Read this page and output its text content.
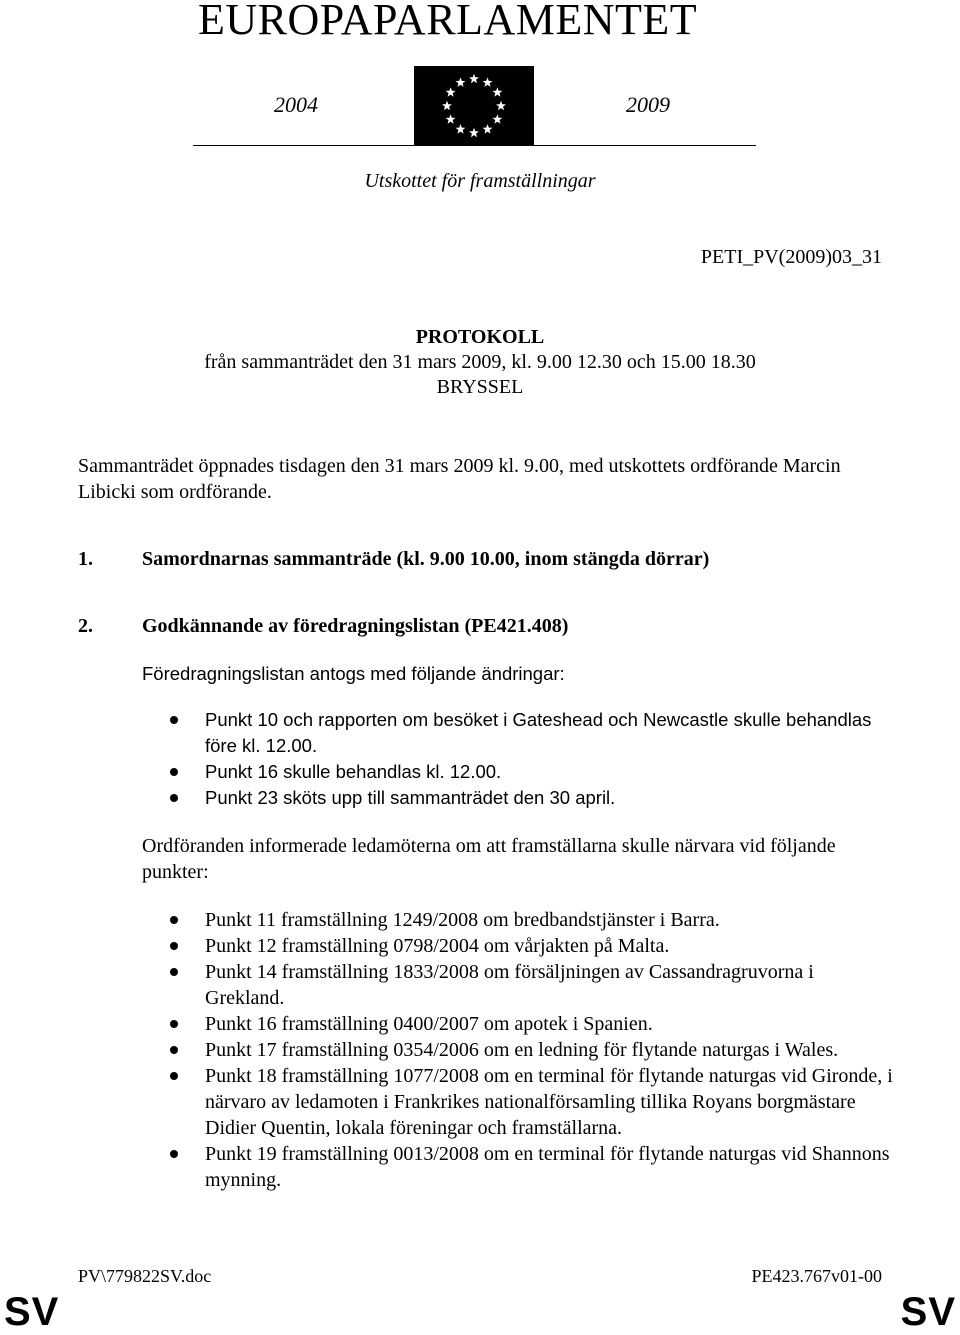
EUROPAPARLAMENTET
2004	2009
Utskottet för framställningar
PETI_PV(2009)03_31
PROTOKOLL
från sammanträdet den 31 mars 2009, kl. 9.00 12.30 och 15.00 18.30
BRYSSEL
Sammanträdet öppnades tisdagen den 31 mars 2009 kl. 9.00, med utskottets ordförande Marcin Libicki som ordförande.
1. Samordnarnas sammanträde (kl. 9.00 10.00, inom stängda dörrar)
2. Godkännande av föredragningslistan (PE421.408)
Föredragningslistan antogs med följande ändringar:
Punkt 10 och rapporten om besöket i Gateshead och Newcastle skulle behandlas före kl. 12.00.
Punkt 16 skulle behandlas kl. 12.00.
Punkt 23 sköts upp till sammanträdet den 30 april.
Ordföranden informerade ledamöterna om att framställarna skulle närvara vid följande punkter:
Punkt 11 framställning 1249/2008 om bredbandstjänster i Barra.
Punkt 12 framställning 0798/2004 om vårjakten på Malta.
Punkt 14 framställning 1833/2008 om försäljningen av Cassandragruvorna i Grekland.
Punkt 16 framställning 0400/2007 om apotek i Spanien.
Punkt 17 framställning 0354/2006 om en ledning för flytande naturgas i Wales.
Punkt 18 framställning 1077/2008 om en terminal för flytande naturgas vid Gironde, i närvaro av ledamoten i Frankrikes nationalförsamling tillika Royans borgmästare Didier Quentin, lokala föreningar och framställarna.
Punkt 19 framställning 0013/2008 om en terminal för flytande naturgas vid Shannons mynning.
PV\779822SV.doc	PE423.767v01-00
SV	SV
